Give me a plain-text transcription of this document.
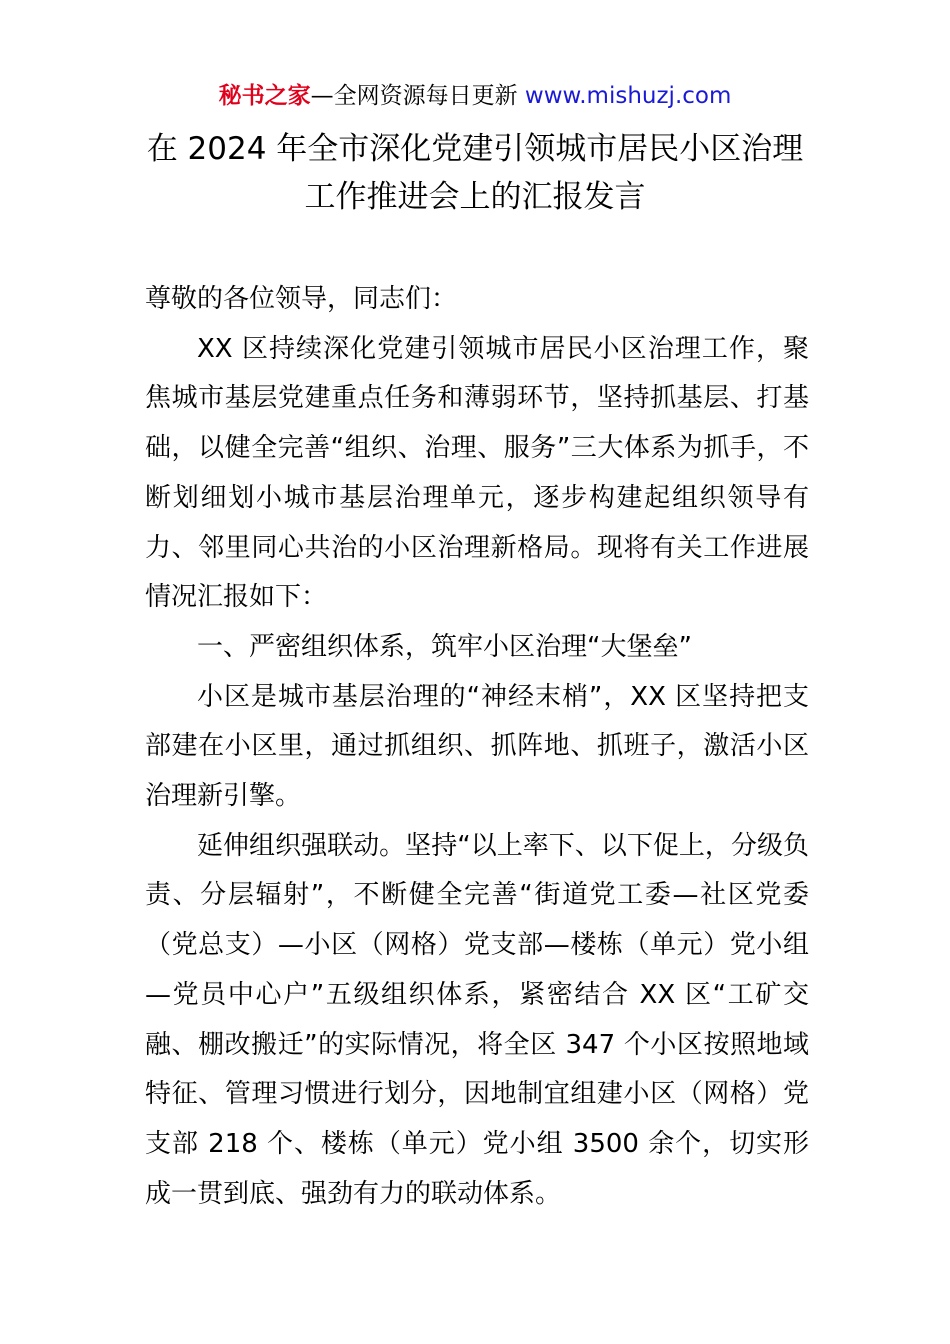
秘书之家—全网资源每日更新 www.mishuzj.com
在 2024 年全市深化党建引领城市居民小区治理
工作推进会上的汇报发言

尊敬的各位领导，同志们：

XX 区持续深化党建引领城市居民小区治理工作，聚焦城市基层党建重点任务和薄弱环节，坚持抓基层、打基础，以健全完善“组织、治理、服务”三大体系为抓手，不断划细划小城市基层治理单元，逐步构建起组织领导有力、邻里同心共治的小区治理新格局。现将有关工作进展情况汇报如下：

一、严密组织体系，筑牢小区治理“大堡垒”

小区是城市基层治理的“神经末梢”，XX 区坚持把支部建在小区里，通过抓组织、抓阵地、抓班子，激活小区治理新引擎。

延伸组织强联动。坚持“以上率下、以下促上，分级负责、分层辐射”，不断健全完善“街道党工委—社区党委（党总支）—小区（网格）党支部—楼栋（单元）党小组—党员中心户”五级组织体系，紧密结合 XX 区“工矿交融、棚改搬迁”的实际情况，将全区 347 个小区按照地域特征、管理习惯进行划分，因地制宜组建小区（网格）党支部 218 个、楼栋（单元）党小组 3500 余个，切实形成一贯到底、强劲有力的联动体系。
